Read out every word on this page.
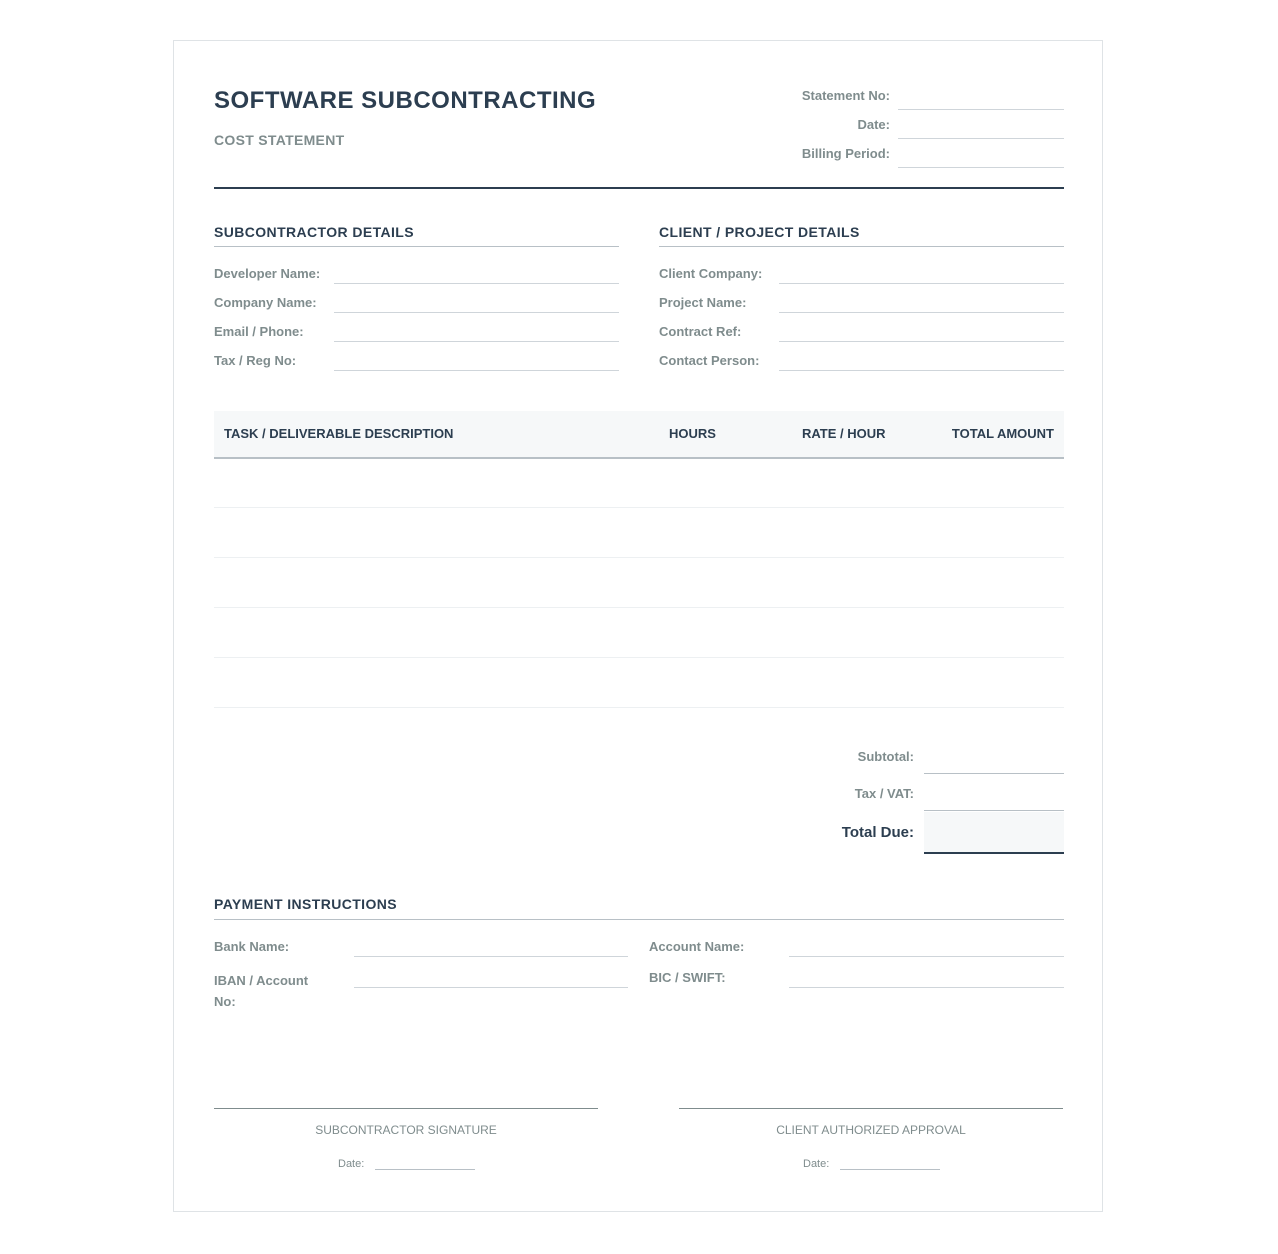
SOFTWARE SUBCONTRACTING
COST STATEMENT
Statement No:
Date:
Billing Period:
SUBCONTRACTOR DETAILS
Developer Name:
Company Name:
Email / Phone:
Tax / Reg No:
CLIENT / PROJECT DETAILS
Client Company:
Project Name:
Contract Ref:
Contact Person:
TASK / DELIVERABLE DESCRIPTION	HOURS	RATE / HOUR	TOTAL AMOUNT
Subtotal:
Tax / VAT:
Total Due:
PAYMENT INSTRUCTIONS
Bank Name:
IBAN / Account No:
Account Name:
BIC / SWIFT:
SUBCONTRACTOR SIGNATURE
Date:
CLIENT AUTHORIZED APPROVAL
Date:
